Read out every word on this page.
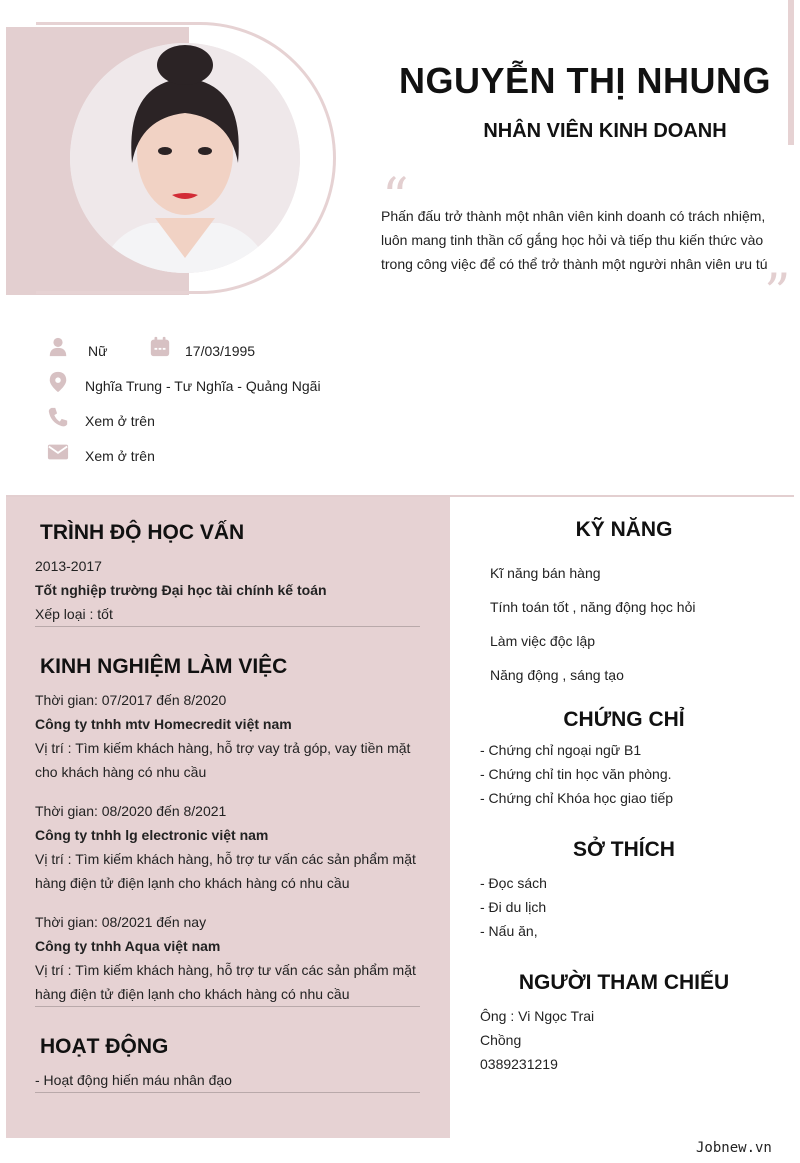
NGUYỄN THỊ NHUNG
NHÂN VIÊN KINH DOANH
“
Phấn đấu trở thành một nhân viên kinh doanh có trách nhiệm,
luôn mang tinh thần cố gắng học hỏi và tiếp thu kiến thức vào
trong công việc để có thể trở thành một người nhân viên ưu tú
”
Nữ	17/03/1995
Nghĩa Trung - Tư Nghĩa - Quảng Ngãi
Xem ở trên
Xem ở trên
TRÌNH ĐỘ HỌC VẤN
2013-2017
Tốt nghiệp trường Đại học tài chính kế toán
Xếp loại : tốt
KINH NGHIỆM LÀM VIỆC
Thời gian: 07/2017 đến 8/2020
Công ty tnhh mtv Homecredit việt nam
Vị trí : Tìm kiếm khách hàng, hỗ trợ vay trả góp, vay tiền mặt
cho khách hàng có nhu cầu
Thời gian: 08/2020 đến 8/2021
Công ty tnhh lg electronic việt nam
Vị trí : Tìm kiếm khách hàng, hỗ trợ tư vấn các sản phẩm mặt
hàng điện tử điện lạnh cho khách hàng có nhu cầu
Thời gian: 08/2021 đến nay
Công ty tnhh Aqua việt nam
Vị trí : Tìm kiếm khách hàng, hỗ trợ tư vấn các sản phẩm mặt
hàng điện tử điện lạnh cho khách hàng có nhu cầu
HOẠT ĐỘNG
- Hoạt động hiến máu nhân đạo
KỸ NĂNG
Kĩ năng bán hàng
Tính toán tốt , năng động học hỏi
Làm việc độc lập
Năng động , sáng tạo
CHỨNG CHỈ
- Chứng chỉ ngoại ngữ B1
- Chứng chỉ tin học văn phòng.
- Chứng chỉ Khóa học giao tiếp
SỞ THÍCH
- Đọc sách
- Đi du lịch
- Nấu ăn,
NGƯỜI THAM CHIẾU
Ông : Vi Ngọc Trai
Chồng
0389231219
Jobnew.vn
